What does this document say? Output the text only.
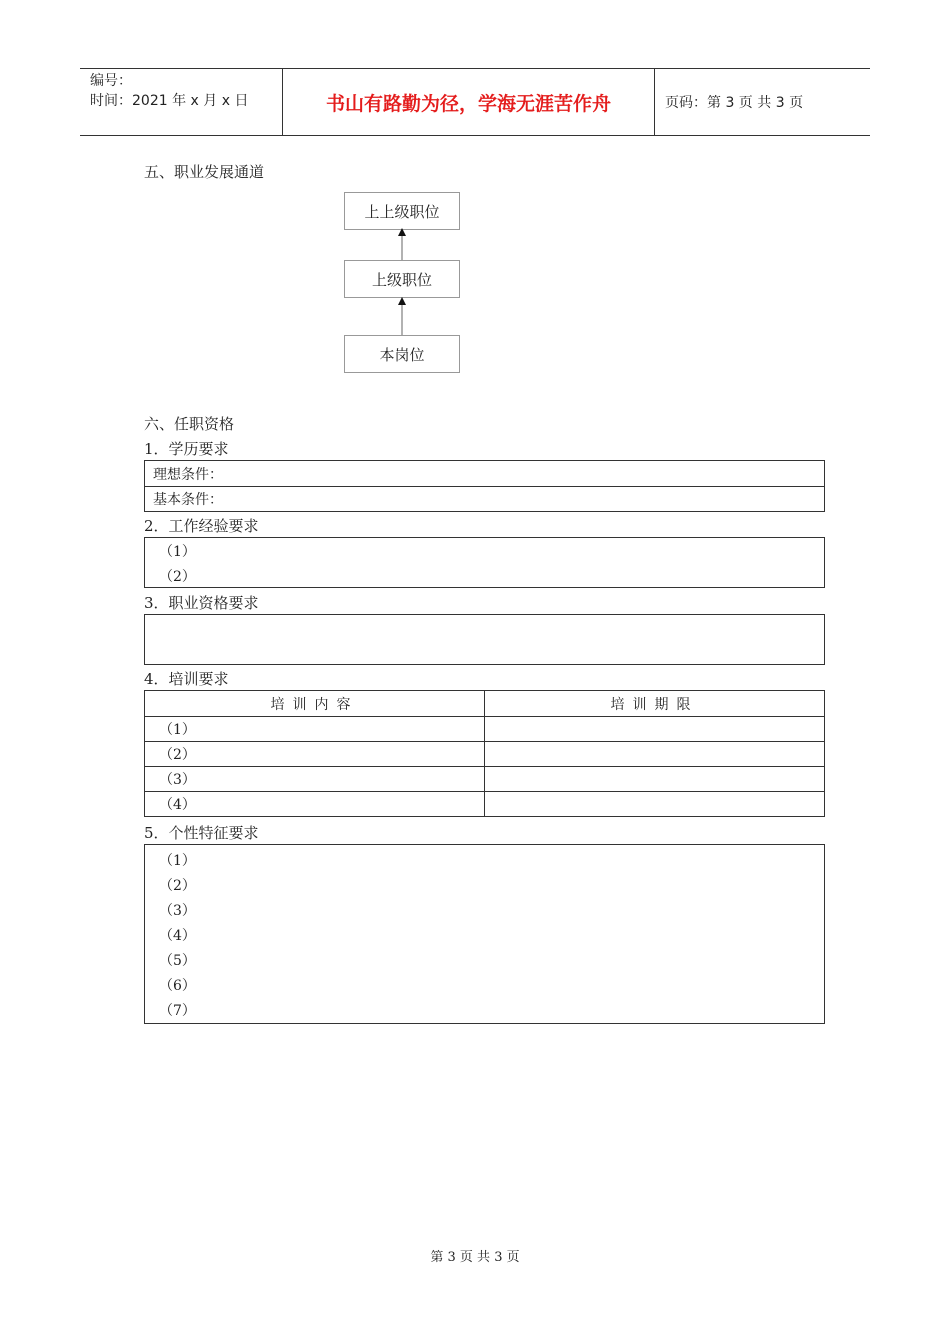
编号：
时间：2021 年 x 月 x 日	书山有路勤为径，学海无涯苦作舟	页码：第 3 页 共 3 页
五、职业发展通道
上上级职位
上级职位
本岗位
六、任职资格
1．学历要求
理想条件：
基本条件：
2．工作经验要求
（1）
（2）
3．职业资格要求
4．培训要求
培训内容	培训期限
（1）
（2）
（3）
（4）
5．个性特征要求
（1）
（2）
（3）
（4）
（5）
（6）
（7）
第 3 页 共 3 页
